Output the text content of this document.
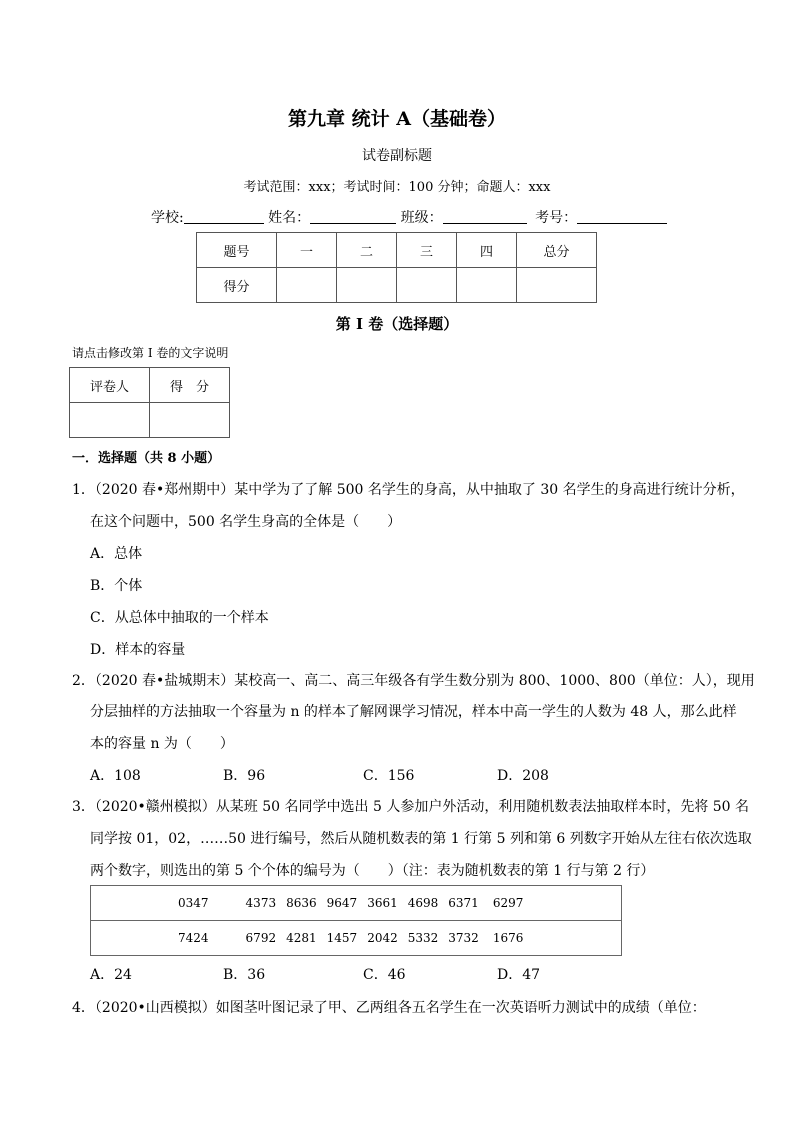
第九章 统计 A（基础卷）
试卷副标题
考试范围：xxx；考试时间：100 分钟；命题人：xxx
学校:	姓名：	班级：	考号：
题号	一	二	三	四	总分
得分					
第 I 卷（选择题）
请点击修改第 I 卷的文字说明
评卷人	得　分

一．选择题（共 8 小题）
1．（2020 春•郑州期中）某中学为了了解 500 名学生的身高，从中抽取了 30 名学生的身高进行统计分析，
在这个问题中，500 名学生身高的全体是（　　）
A．总体
B．个体
C．从总体中抽取的一个样本
D．样本的容量
2．（2020 春•盐城期末）某校高一、高二、高三年级各有学生数分别为 800、1000、800（单位：人），现用
分层抽样的方法抽取一个容量为 n 的样本了解网课学习情况，样本中高一学生的人数为 48 人，那么此样
本的容量 n 为（　　）
A．108	B．96	C．156	D．208
3．（2020•赣州模拟）从某班 50 名同学中选出 5 人参加户外活动，利用随机数表法抽取样本时，先将 50 名
同学按 01，02，……50 进行编号，然后从随机数表的第 1 行第 5 列和第 6 列数字开始从左往右依次选取
两个数字，则选出的第 5 个个体的编号为（　　）（注：表为随机数表的第 1 行与第 2 行）
0347	4373 8636 9647 3661 4698 6371 6297
7424	6792 4281 1457 2042 5332 3732 1676
A．24	B．36	C．46	D．47
4．（2020•山西模拟）如图茎叶图记录了甲、乙两组各五名学生在一次英语听力测试中的成绩（单位：
